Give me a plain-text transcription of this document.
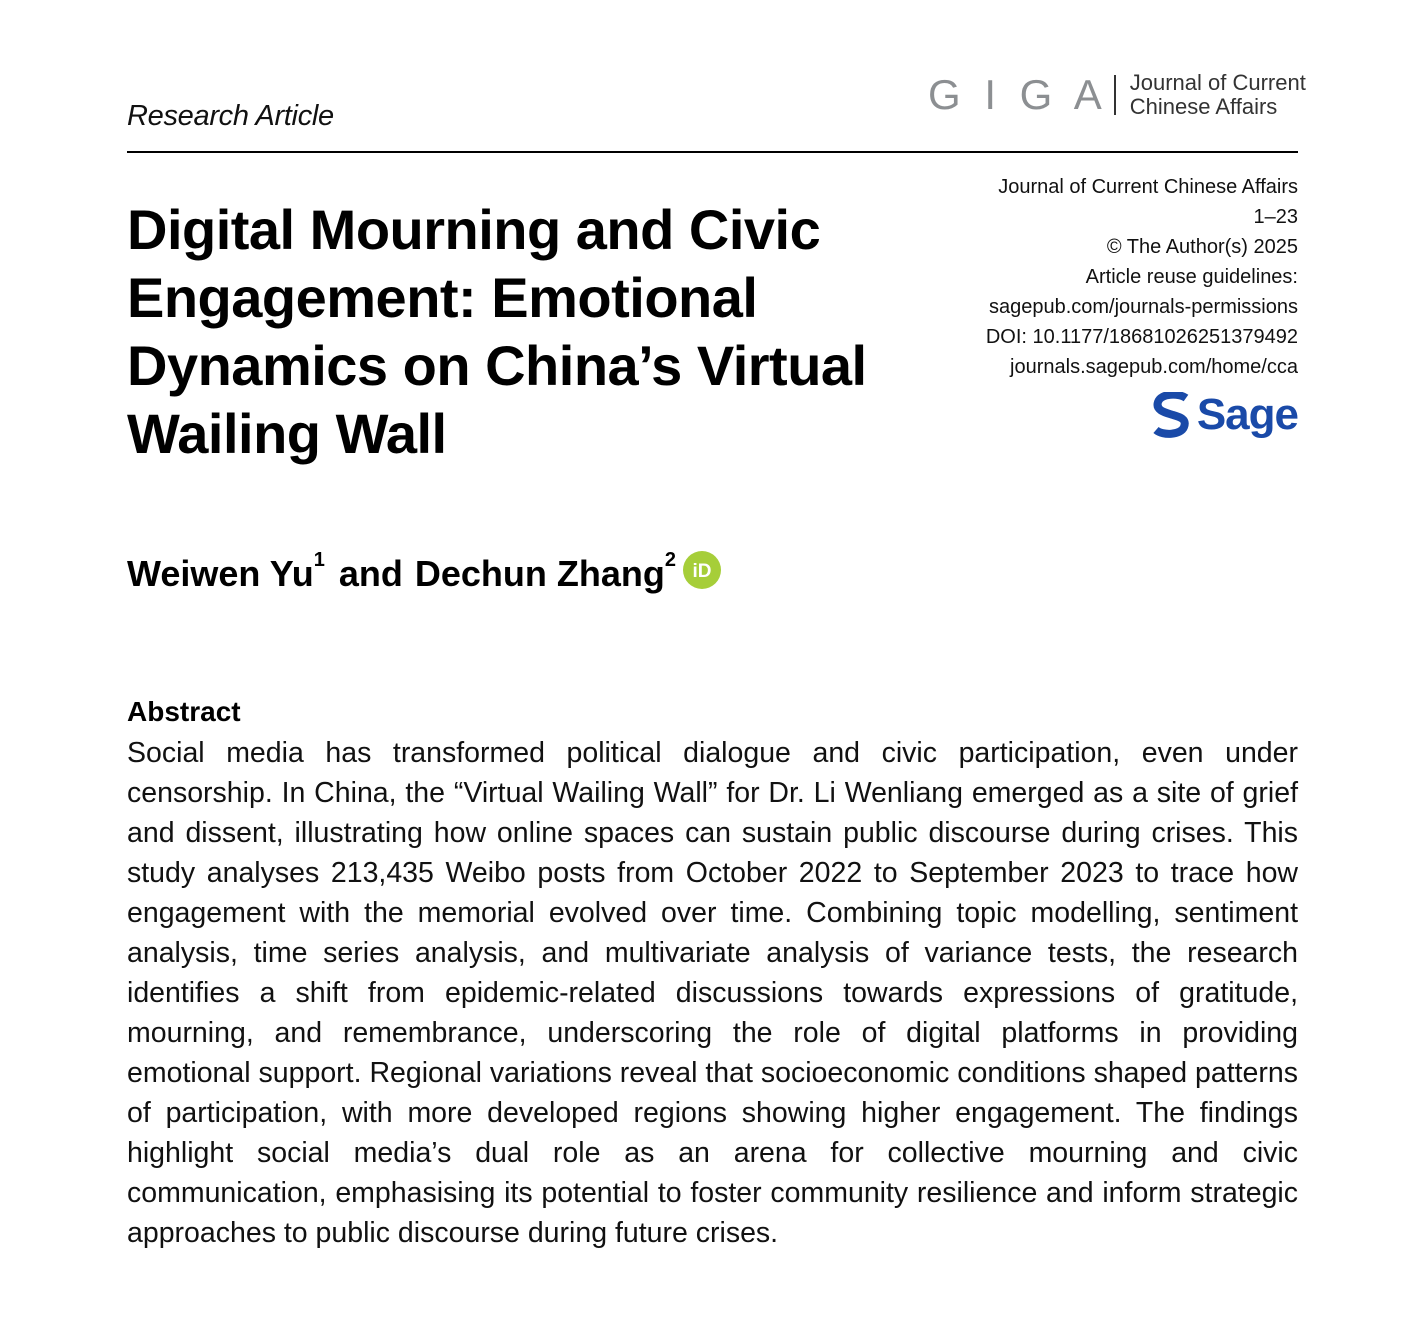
Research Article	G I G A Journal of Current
Chinese Affairs
Digital Mourning and Civic Engagement: Emotional Dynamics on China’s Virtual Wailing Wall
Journal of Current Chinese Affairs
1–23
© The Author(s) 2025
Article reuse guidelines:
sagepub.com/journals-permissions
DOI: 10.1177/18681026251379492
journals.sagepub.com/home/cca
Sage
Weiwen Yu$^1$ and Dechun Zhang$^2$
iD
Abstract

Social media has transformed political dialogue and civic participation, even under censorship. In China, the “Virtual Wailing Wall” for Dr. Li Wenliang emerged as a site of grief and dissent, illustrating how online spaces can sustain public discourse during crises. This study analyses 213,435 Weibo posts from October 2022 to September 2023 to trace how engagement with the memorial evolved over time. Combining topic modelling, sentiment analysis, time series analysis, and multivariate analysis of variance tests, the research identifies a shift from epidemic-related discussions towards expressions of gratitude, mourning, and remembrance, underscoring the role of digital platforms in providing emotional support. Regional variations reveal that socioeconomic conditions shaped patterns of participation, with more developed regions showing higher engagement. The findings highlight social media’s dual role as an arena for collective mourning and civic communication, emphasising its potential to foster community resilience and inform strategic approaches to public discourse during future crises.
